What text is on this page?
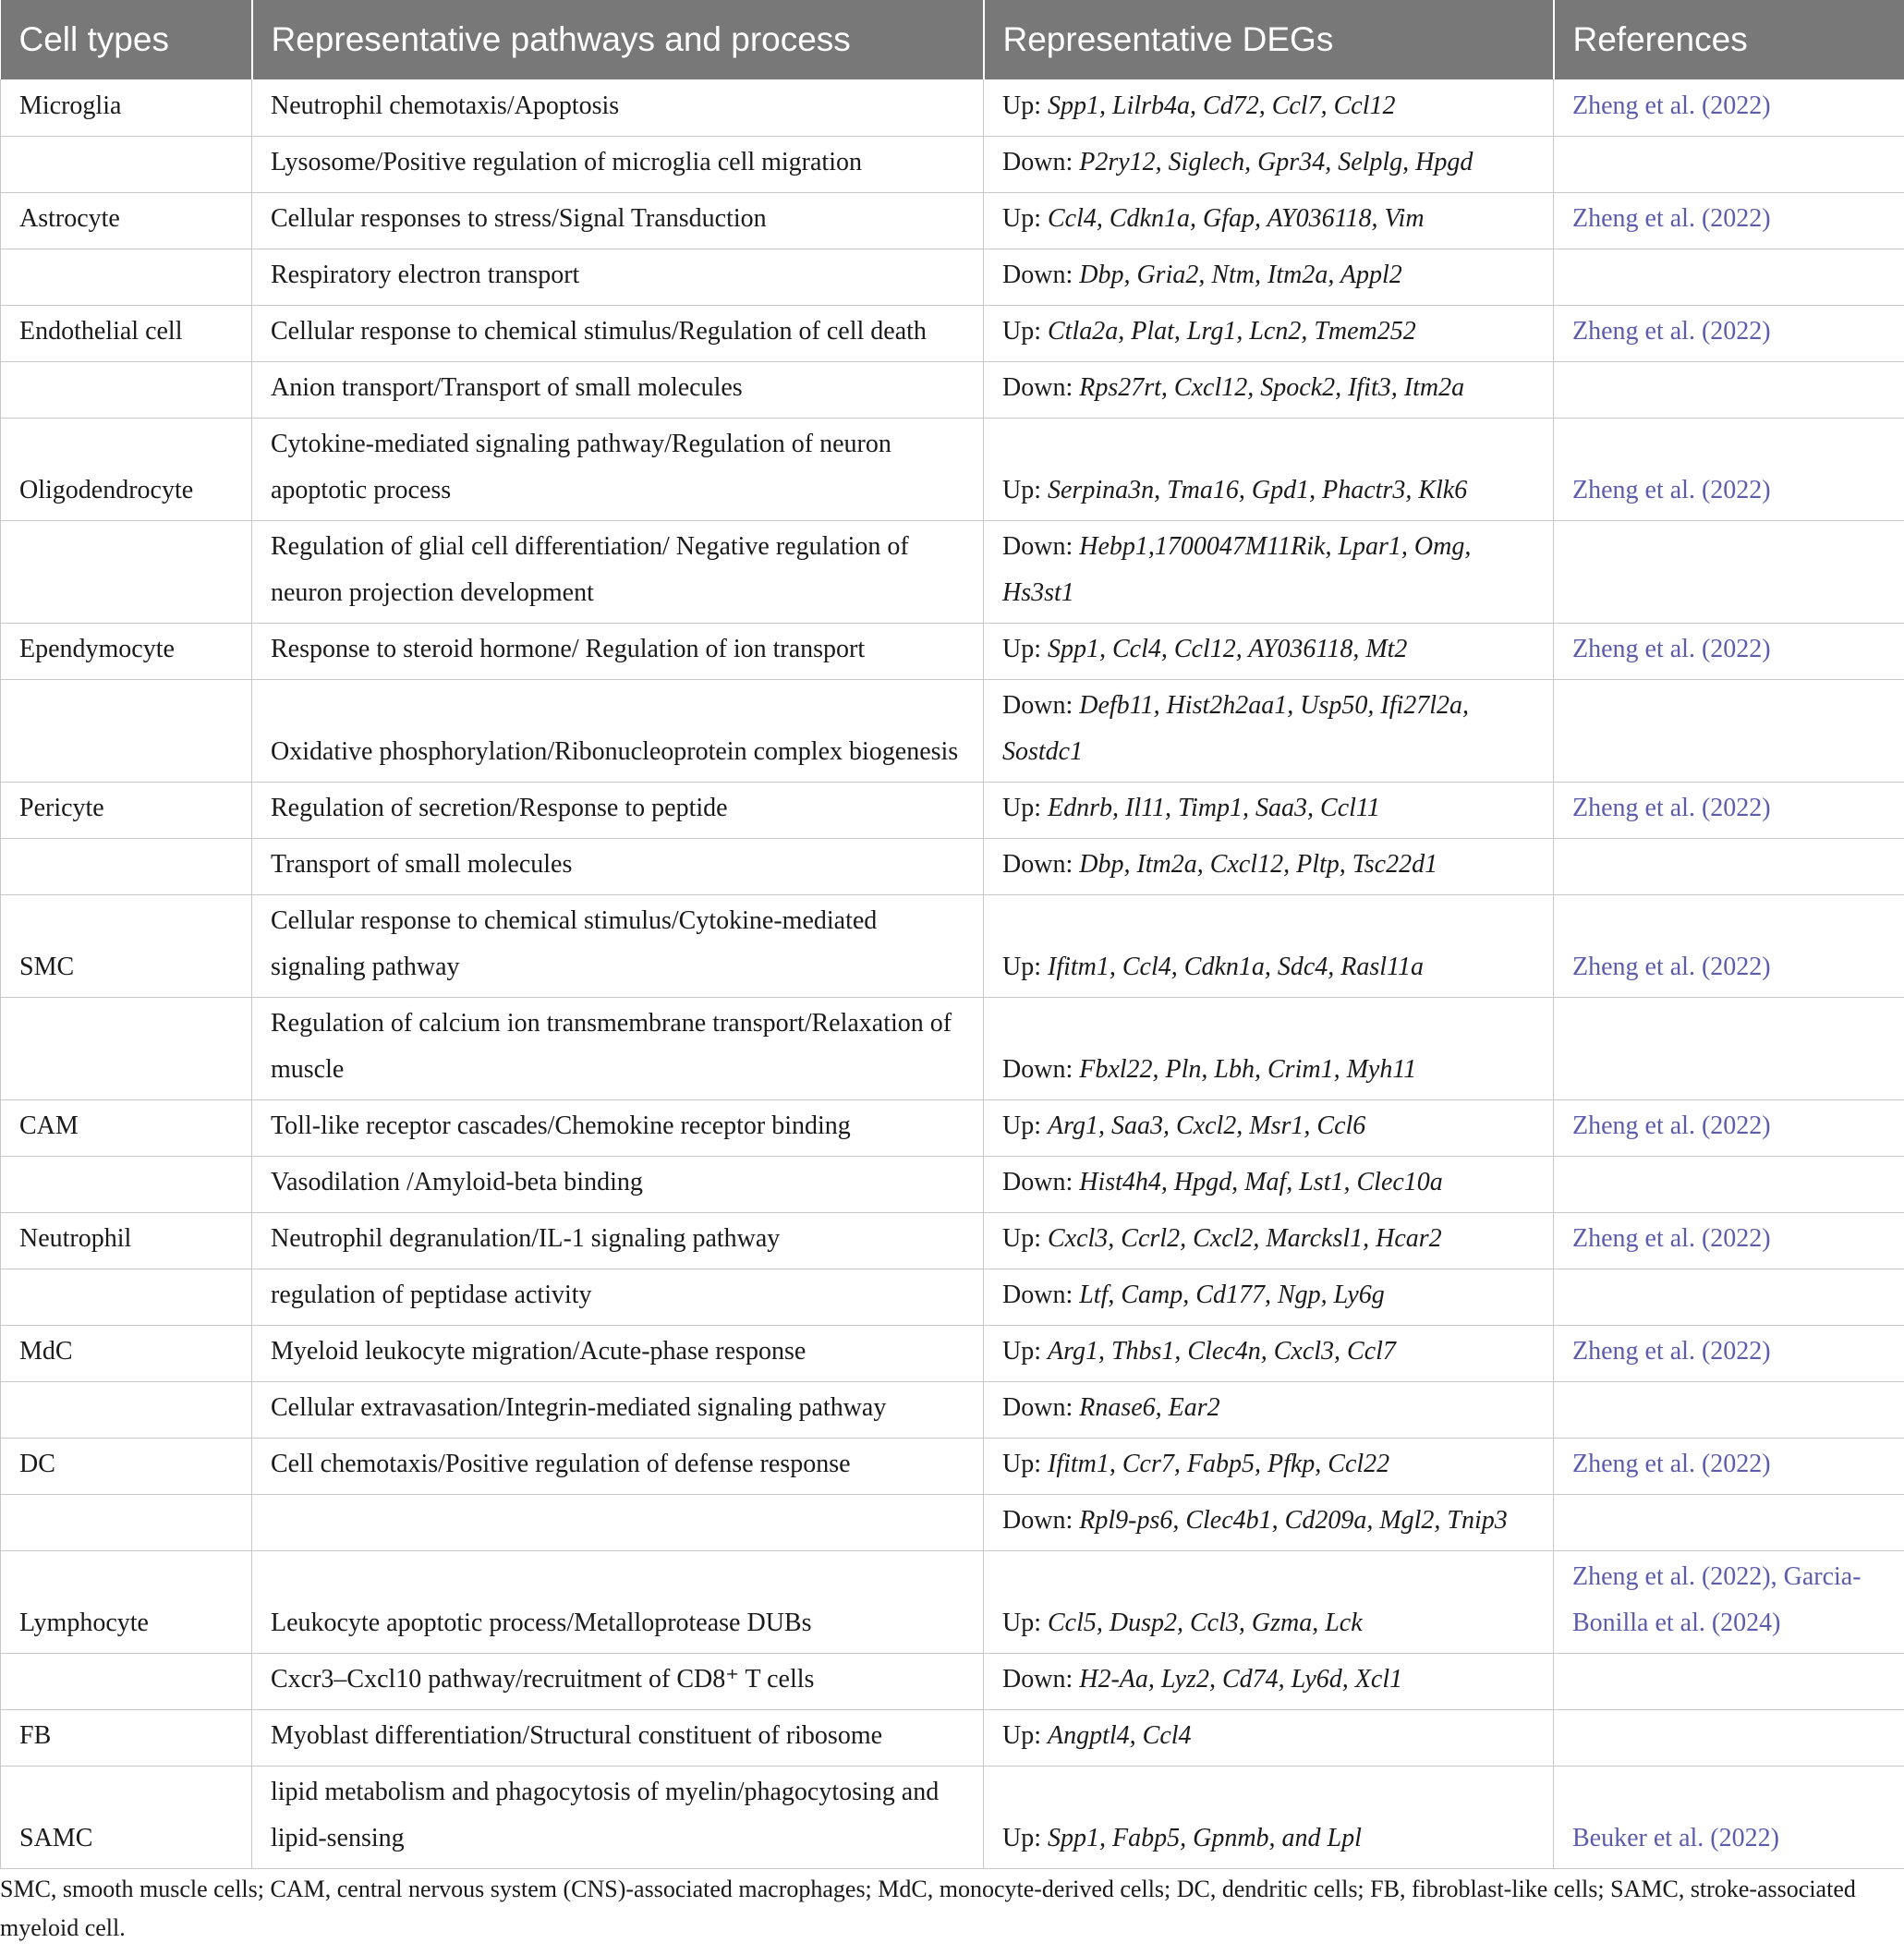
Cell types	Representative pathways and process	Representative DEGs	References
Microglia	Neutrophil chemotaxis/Apoptosis	Up: Spp1, Lilrb4a, Cd72, Ccl7, Ccl12	Zheng et al. (2022)
	Lysosome/Positive regulation of microglia cell migration	Down: P2ry12, Siglech, Gpr34, Selplg, Hpgd	
Astrocyte	Cellular responses to stress/Signal Transduction	Up: Ccl4, Cdkn1a, Gfap, AY036118, Vim	Zheng et al. (2022)
	Respiratory electron transport	Down: Dbp, Gria2, Ntm, Itm2a, Appl2	
Endothelial cell	Cellular response to chemical stimulus/Regulation of cell death	Up: Ctla2a, Plat, Lrg1, Lcn2, Tmem252	Zheng et al. (2022)
	Anion transport/Transport of small molecules	Down: Rps27rt, Cxcl12, Spock2, Ifit3, Itm2a	
Oligodendrocyte	Cytokine-mediated signaling pathway/Regulation of neuron apoptotic process	Up: Serpina3n, Tma16, Gpd1, Phactr3, Klk6	Zheng et al. (2022)
	Regulation of glial cell differentiation/ Negative regulation of neuron projection development	Down: Hebp1,1700047M11Rik, Lpar1, Omg, Hs3st1	
Ependymocyte	Response to steroid hormone/ Regulation of ion transport	Up: Spp1, Ccl4, Ccl12, AY036118, Mt2	Zheng et al. (2022)
	Oxidative phosphorylation/Ribonucleoprotein complex biogenesis	Down: Defb11, Hist2h2aa1, Usp50, Ifi27l2a, Sostdc1	
Pericyte	Regulation of secretion/Response to peptide	Up: Ednrb, Il11, Timp1, Saa3, Ccl11	Zheng et al. (2022)
	Transport of small molecules	Down: Dbp, Itm2a, Cxcl12, Pltp, Tsc22d1	
SMC	Cellular response to chemical stimulus/Cytokine-mediated signaling pathway	Up: Ifitm1, Ccl4, Cdkn1a, Sdc4, Rasl11a	Zheng et al. (2022)
	Regulation of calcium ion transmembrane transport/Relaxation of muscle	Down: Fbxl22, Pln, Lbh, Crim1, Myh11	
CAM	Toll-like receptor cascades/Chemokine receptor binding	Up: Arg1, Saa3, Cxcl2, Msr1, Ccl6	Zheng et al. (2022)
	Vasodilation /Amyloid-beta binding	Down: Hist4h4, Hpgd, Maf, Lst1, Clec10a	
Neutrophil	Neutrophil degranulation/IL-1 signaling pathway	Up: Cxcl3, Ccrl2, Cxcl2, Marcksl1, Hcar2	Zheng et al. (2022)
	regulation of peptidase activity	Down: Ltf, Camp, Cd177, Ngp, Ly6g	
MdC	Myeloid leukocyte migration/Acute-phase response	Up: Arg1, Thbs1, Clec4n, Cxcl3, Ccl7	Zheng et al. (2022)
	Cellular extravasation/Integrin-mediated signaling pathway	Down: Rnase6, Ear2	
DC	Cell chemotaxis/Positive regulation of defense response	Up: Ifitm1, Ccr7, Fabp5, Pfkp, Ccl22	Zheng et al. (2022)
		Down: Rpl9-ps6, Clec4b1, Cd209a, Mgl2, Tnip3	
Lymphocyte	Leukocyte apoptotic process/Metalloprotease DUBs	Up: Ccl5, Dusp2, Ccl3, Gzma, Lck	Zheng et al. (2022), Garcia-Bonilla et al. (2024)
	Cxcr3–Cxcl10 pathway/recruitment of CD8⁺ T cells	Down: H2-Aa, Lyz2, Cd74, Ly6d, Xcl1	
FB	Myoblast differentiation/Structural constituent of ribosome	Up: Angptl4, Ccl4	
SAMC	lipid metabolism and phagocytosis of myelin/phagocytosing and lipid-sensing	Up: Spp1, Fabp5, Gpnmb, and Lpl	Beuker et al. (2022)
SMC, smooth muscle cells; CAM, central nervous system (CNS)-associated macrophages; MdC, monocyte-derived cells; DC, dendritic cells; FB, fibroblast-like cells; SAMC, stroke-associated myeloid cell.
